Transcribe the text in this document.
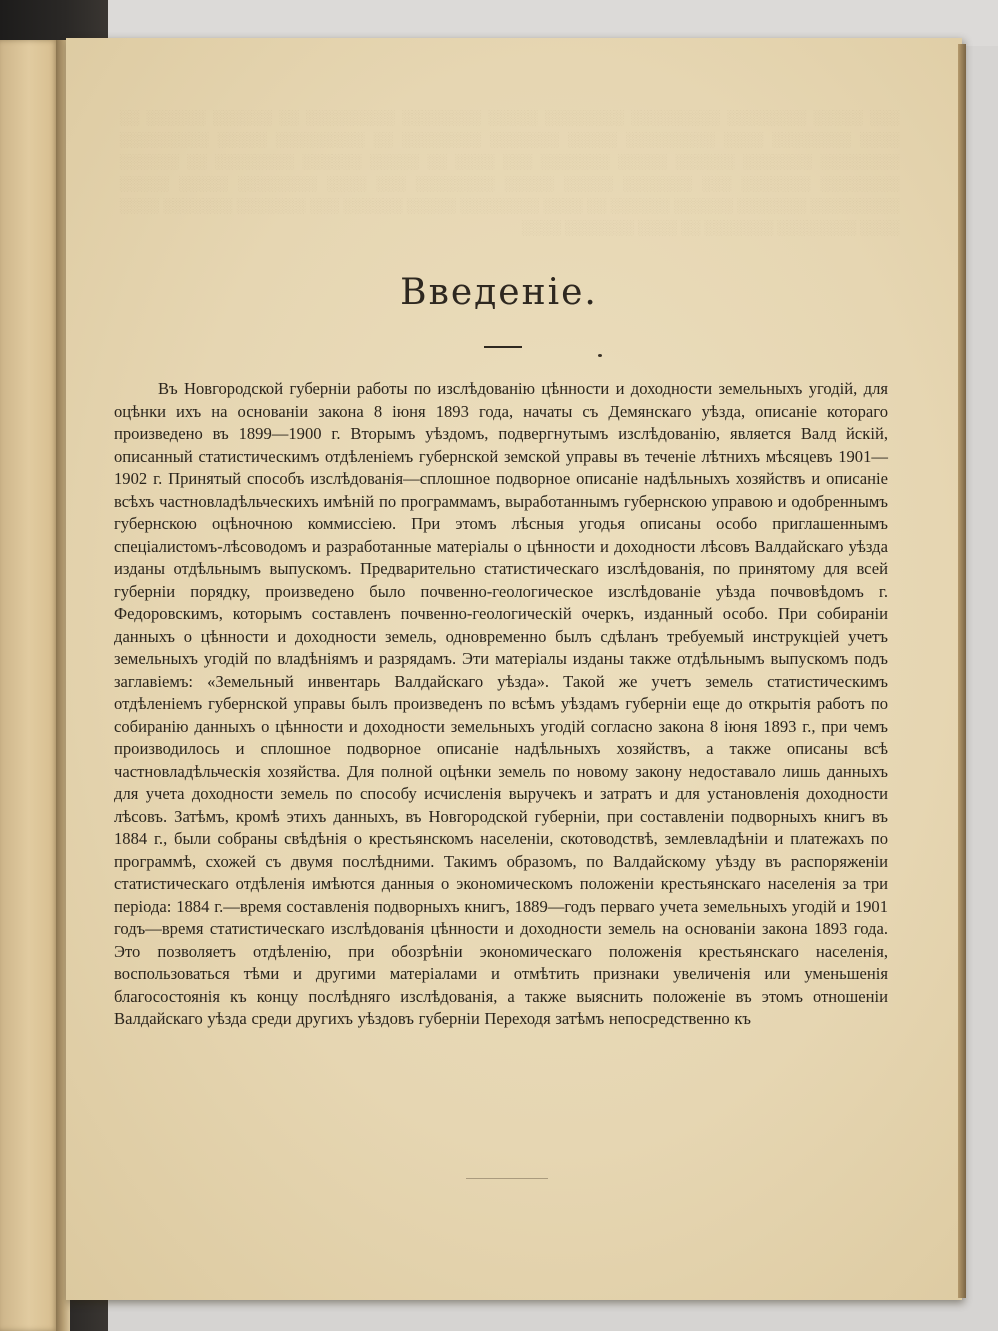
Введеніе.

Въ Новгородской губерніи работы по изслѣдованію цѣнности и доходности земельныхъ угодій, для оцѣнки ихъ на основаніи закона 8 іюня 1893 года, начаты съ Демянскаго уѣзда, описаніе котораго произведено въ 1899—1900 г. Вторымъ уѣздомъ, подвергнутымъ изслѣдованію, является Валд йскій, описанный статистическимъ отдѣленіемъ губернской земской управы въ теченіе лѣтнихъ мѣсяцевъ 1901—1902 г. Принятый способъ изслѣдованія—сплошное подворное описаніе надѣльныхъ хозяйствъ и описаніе всѣхъ частновладѣльческихъ имѣній по программамъ, выработаннымъ губернскою управою и одобреннымъ губернскою оцѣночною коммиссіею. При этомъ лѣсныя угодья описаны особо приглашеннымъ спеціалистомъ-лѣсоводомъ и разработанные матеріалы о цѣнности и доходности лѣсовъ Валдайскаго уѣзда изданы отдѣльнымъ выпускомъ. Предварительно статистическаго изслѣдованія, по принятому для всей губерніи порядку, произведено было почвенно-геологическое изслѣдованіе уѣзда почвовѣдомъ г. Федоровскимъ, которымъ составленъ почвенно-геологическій очеркъ, изданный особо. При собираніи данныхъ о цѣнности и доходности земель, одновременно былъ сдѣланъ требуемый инструкціей учетъ земельныхъ угодій по владѣніямъ и разрядамъ. Эти матеріалы изданы также отдѣльнымъ выпускомъ подъ заглавіемъ: «Земельный инвентарь Валдайскаго уѣзда». Такой же учетъ земель статистическимъ отдѣленіемъ губернской управы былъ произведенъ по всѣмъ уѣздамъ губерніи еще до открытія работъ по собиранію данныхъ о цѣнности и доходности земельныхъ угодій согласно закона 8 іюня 1893 г., при чемъ производилось и сплошное подворное описаніе надѣльныхъ хозяйствъ, а также описаны всѣ частновладѣльческія хозяйства. Для полной оцѣнки земель по новому закону недоставало лишь данныхъ для учета доходности земель по способу исчисленія выручекъ и затратъ и для установленія доходности лѣсовъ. Затѣмъ, кромѣ этихъ данныхъ, въ Новгородской губерніи, при составленіи подворныхъ книгъ въ 1884 г., были собраны свѣдѣнія о крестьянскомъ населеніи, скотоводствѣ, землевладѣніи и платежахъ по программѣ, схожей съ двумя послѣдними. Такимъ образомъ, по Валдайскому уѣзду въ распоряженіи статистическаго отдѣленія имѣются данныя о экономическомъ положеніи крестьянскаго населенія за три періода: 1884 г.—время составленія подворныхъ книгъ, 1889—годъ перваго учета земельныхъ угодій и 1901 годъ—время статистическаго изслѣдованія цѣнности и доходности земель на основаніи закона 1893 года. Это позволяетъ отдѣленію, при обозрѣніи экономическаго положенія крестьянскаго населенія, воспользоваться тѣми и другими матеріалами и отмѣтить признаки увеличенія или уменьшенія благосостоянія къ концу послѣдняго изслѣдованія, а также выяснить положеніе въ этомъ отношеніи Валдайскаго уѣзда среди другихъ уѣздовъ губерніи Переходя затѣмъ непосредственно къ
